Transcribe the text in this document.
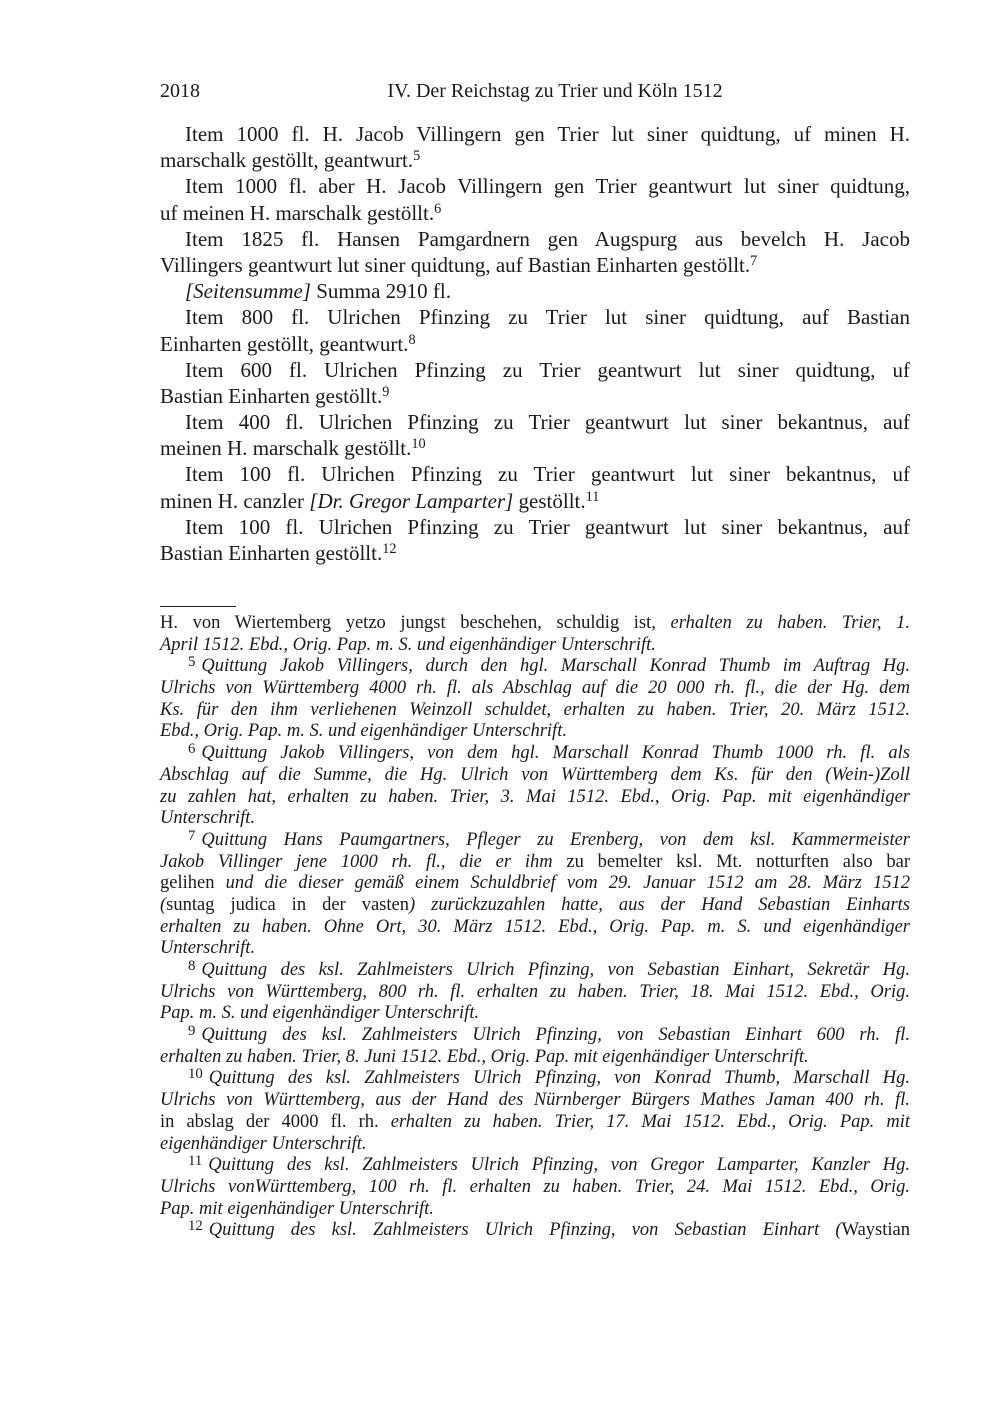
2018	IV. Der Reichstag zu Trier und Köln 1512
Item 1000 fl. H. Jacob Villingern gen Trier lut siner quidtung, uf minen H.
marschalk gestöllt, geantwurt.$^5$
Item 1000 fl. aber H. Jacob Villingern gen Trier geantwurt lut siner quidtung,
uf meinen H. marschalk gestöllt.$^6$
Item 1825 fl. Hansen Pamgardnern gen Augspurg aus bevelch H. Jacob
Villingers geantwurt lut siner quidtung, auf Bastian Einharten gestöllt.$^7$
[Seitensumme] Summa 2910 fl.
Item 800 fl. Ulrichen Pfinzing zu Trier lut siner quidtung, auf Bastian
Einharten gestöllt, geantwurt.$^8$
Item 600 fl. Ulrichen Pfinzing zu Trier geantwurt lut siner quidtung, uf
Bastian Einharten gestöllt.$^9$
Item 400 fl. Ulrichen Pfinzing zu Trier geantwurt lut siner bekantnus, auf
meinen H. marschalk gestöllt.$^{10}$
Item 100 fl. Ulrichen Pfinzing zu Trier geantwurt lut siner bekantnus, uf
minen H. canzler [Dr. Gregor Lamparter] gestöllt.$^{11}$
Item 100 fl. Ulrichen Pfinzing zu Trier geantwurt lut siner bekantnus, auf
Bastian Einharten gestöllt.$^{12}$
H. von Wiertemberg yetzo jungst beschehen, schuldig ist, erhalten zu haben. Trier, 1.
April 1512. Ebd., Orig. Pap. m. S. und eigenhändiger Unterschrift.
$^5$ Quittung Jakob Villingers, durch den hgl. Marschall Konrad Thumb im Auftrag Hg.
Ulrichs von Württemberg 4000 rh. fl. als Abschlag auf die 20 000 rh. fl., die der Hg. dem
Ks. für den ihm verliehenen Weinzoll schuldet, erhalten zu haben. Trier, 20. März 1512.
Ebd., Orig. Pap. m. S. und eigenhändiger Unterschrift.
$^6$ Quittung Jakob Villingers, von dem hgl. Marschall Konrad Thumb 1000 rh. fl. als
Abschlag auf die Summe, die Hg. Ulrich von Württemberg dem Ks. für den (Wein-)Zoll
zu zahlen hat, erhalten zu haben. Trier, 3. Mai 1512. Ebd., Orig. Pap. mit eigenhändiger
Unterschrift.
$^7$ Quittung Hans Paumgartners, Pfleger zu Erenberg, von dem ksl. Kammermeister
Jakob Villinger jene 1000 rh. fl., die er ihm zu bemelter ksl. Mt. notturften also bar
gelihen und die dieser gemäß einem Schuldbrief vom 29. Januar 1512 am 28. März 1512
(suntag judica in der vasten) zurückzuzahlen hatte, aus der Hand Sebastian Einharts
erhalten zu haben. Ohne Ort, 30. März 1512. Ebd., Orig. Pap. m. S. und eigenhändiger
Unterschrift.
$^8$ Quittung des ksl. Zahlmeisters Ulrich Pfinzing, von Sebastian Einhart, Sekretär Hg.
Ulrichs von Württemberg, 800 rh. fl. erhalten zu haben. Trier, 18. Mai 1512. Ebd., Orig.
Pap. m. S. und eigenhändiger Unterschrift.
$^9$ Quittung des ksl. Zahlmeisters Ulrich Pfinzing, von Sebastian Einhart 600 rh. fl.
erhalten zu haben. Trier, 8. Juni 1512. Ebd., Orig. Pap. mit eigenhändiger Unterschrift.
$^{10}$ Quittung des ksl. Zahlmeisters Ulrich Pfinzing, von Konrad Thumb, Marschall Hg.
Ulrichs von Württemberg, aus der Hand des Nürnberger Bürgers Mathes Jaman 400 rh. fl.
in abslag der 4000 fl. rh. erhalten zu haben. Trier, 17. Mai 1512. Ebd., Orig. Pap. mit
eigenhändiger Unterschrift.
$^{11}$ Quittung des ksl. Zahlmeisters Ulrich Pfinzing, von Gregor Lamparter, Kanzler Hg.
Ulrichs vonWürttemberg, 100 rh. fl. erhalten zu haben. Trier, 24. Mai 1512. Ebd., Orig.
Pap. mit eigenhändiger Unterschrift.
$^{12}$ Quittung des ksl. Zahlmeisters Ulrich Pfinzing, von Sebastian Einhart (Waystian
